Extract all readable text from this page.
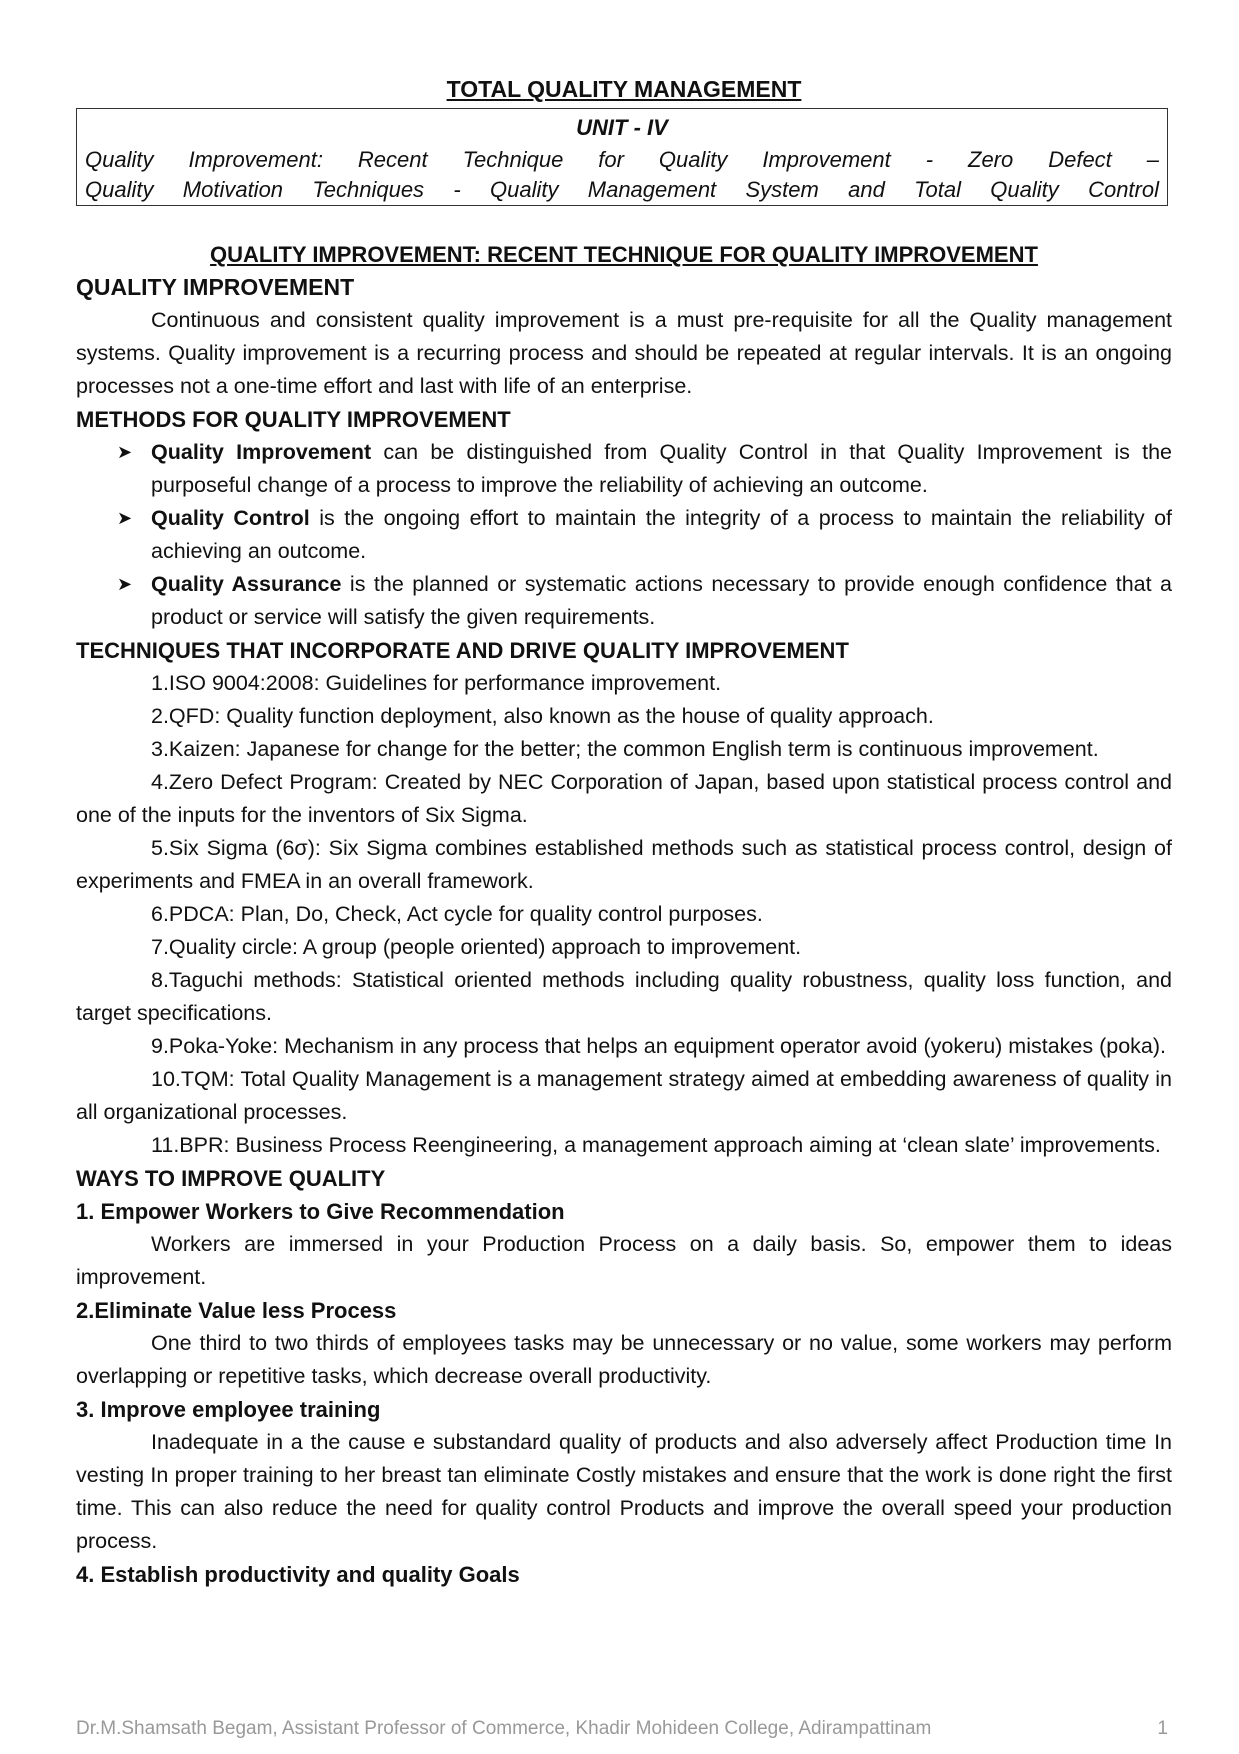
TOTAL QUALITY MANAGEMENT
UNIT - IV
Quality Improvement: Recent Technique for Quality Improvement - Zero Defect –
Quality Motivation Techniques - Quality Management System and Total Quality Control
QUALITY IMPROVEMENT: RECENT TECHNIQUE FOR QUALITY IMPROVEMENT
QUALITY IMPROVEMENT

Continuous and consistent quality improvement is a must pre-requisite for all the Quality management systems. Quality improvement is a recurring process and should be repeated at regular intervals. It is an ongoing processes not a one-time effort and last with life of an enterprise.

METHODS FOR QUALITY IMPROVEMENT
➤ Quality Improvement can be distinguished from Quality Control in that Quality Improvement is the purposeful change of a process to improve the reliability of achieving an outcome.
➤ Quality Control is the ongoing effort to maintain the integrity of a process to maintain the reliability of achieving an outcome.
➤ Quality Assurance is the planned or systematic actions necessary to provide enough confidence that a product or service will satisfy the given requirements.
TECHNIQUES THAT INCORPORATE AND DRIVE QUALITY IMPROVEMENT

1.ISO 9004:2008: Guidelines for performance improvement.

2.QFD: Quality function deployment, also known as the house of quality approach.

3.Kaizen: Japanese for change for the better; the common English term is continuous improvement.

4.Zero Defect Program: Created by NEC Corporation of Japan, based upon statistical process control and one of the inputs for the inventors of Six Sigma.

5.Six Sigma (6σ): Six Sigma combines established methods such as statistical process control, design of experiments and FMEA in an overall framework.

6.PDCA: Plan, Do, Check, Act cycle for quality control purposes.

7.Quality circle: A group (people oriented) approach to improvement.

8.Taguchi methods: Statistical oriented methods including quality robustness, quality loss function, and target specifications.

9.Poka-Yoke: Mechanism in any process that helps an equipment operator avoid (yokeru) mistakes (poka).

10.TQM: Total Quality Management is a management strategy aimed at embedding awareness of quality in all organizational processes.

11.BPR: Business Process Reengineering, a management approach aiming at ‘clean slate’ improvements.

WAYS TO IMPROVE QUALITY
1. Empower Workers to Give Recommendation

Workers are immersed in your Production Process on a daily basis. So, empower them to ideas improvement.

2.Eliminate Value less Process

One third to two thirds of employees tasks may be unnecessary or no value, some workers may perform overlapping or repetitive tasks, which decrease overall productivity.

3. Improve employee training

Inadequate in a the cause e substandard quality of products and also adversely affect Production time In vesting In proper training to her breast tan eliminate Costly mistakes and ensure that the work is done right the first time. This can also reduce the need for quality control Products and improve the overall speed your production process.

4. Establish productivity and quality Goals
Dr.M.Shamsath Begam, Assistant Professor of Commerce, Khadir Mohideen College, Adirampattinam	1
